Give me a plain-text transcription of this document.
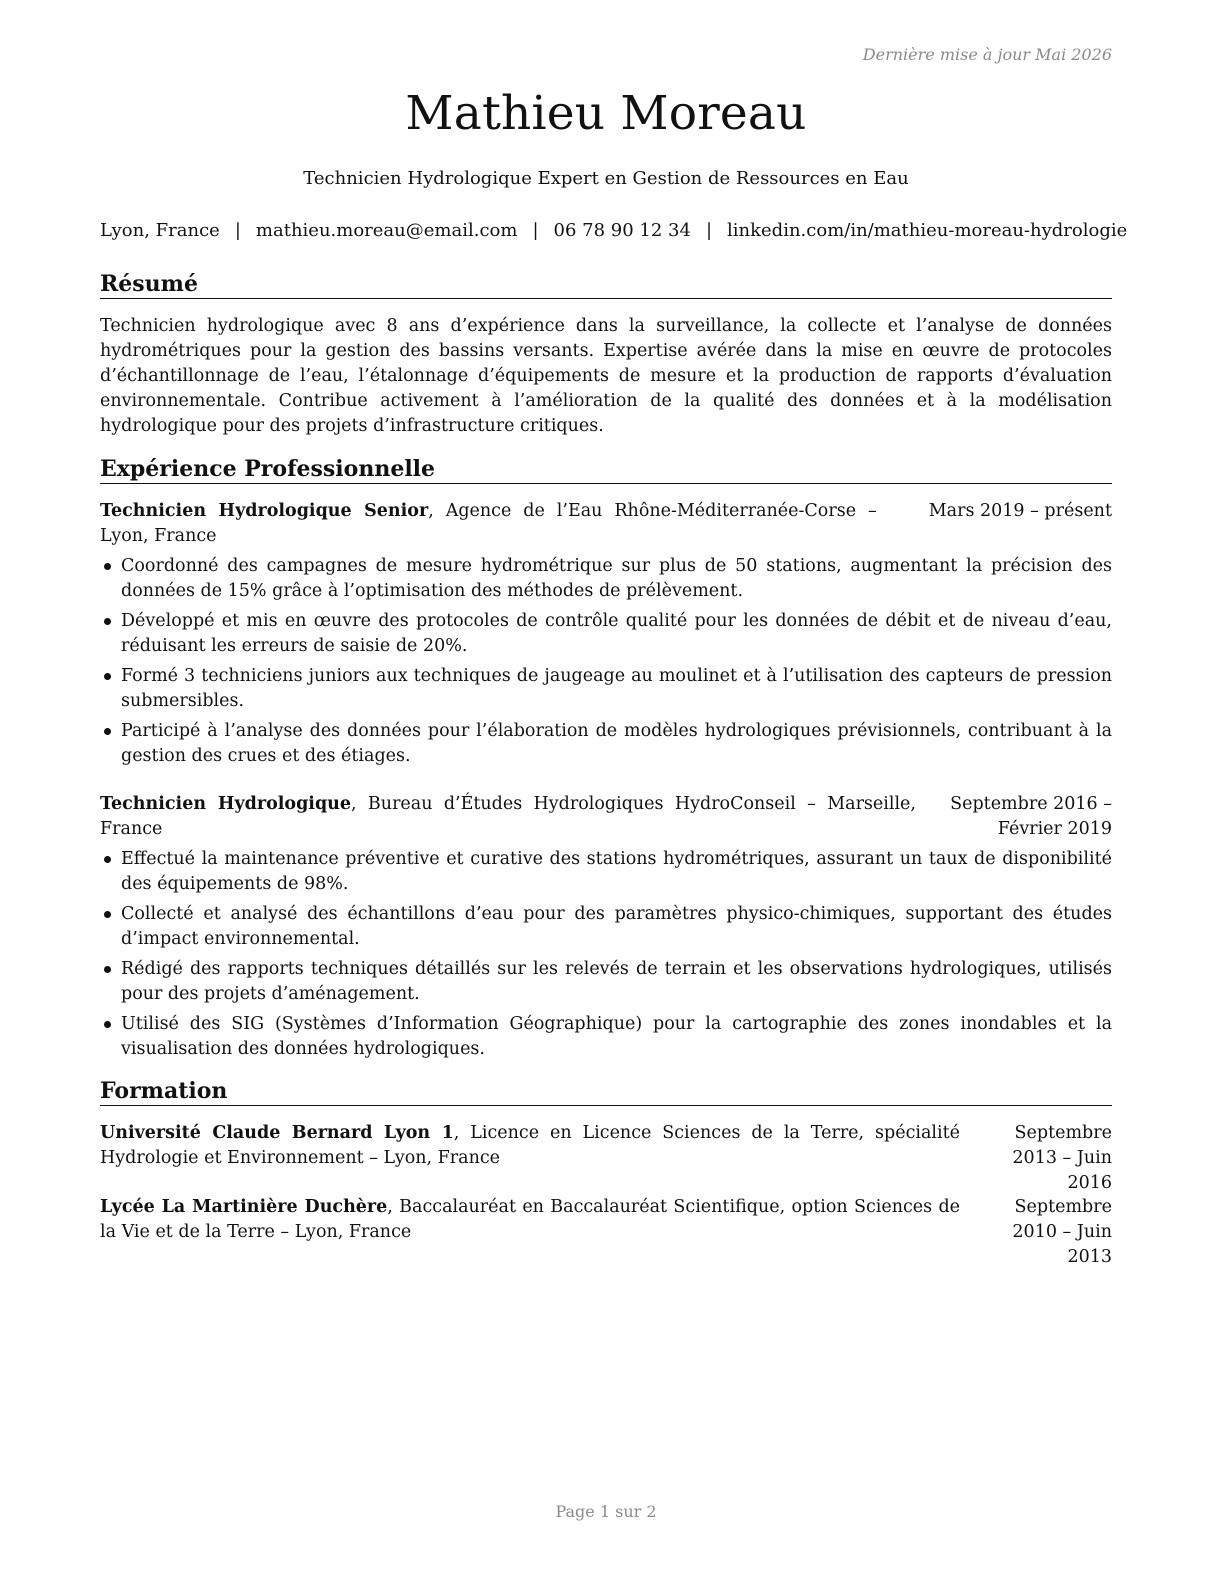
Dernière mise à jour Mai 2026
Mathieu Moreau
Technicien Hydrologique Expert en Gestion de Ressources en Eau
Lyon, France | mathieu.moreau@email.com | 06 78 90 12 34 | linkedin.com/in/mathieu-moreau-hydrologie
Résumé
Technicien hydrologique avec 8 ans d’expérience dans la surveillance, la collecte et l’analyse de données hydrométriques pour la gestion des bassins versants. Expertise avérée dans la mise en œuvre de protocoles d’échantillonnage de l’eau, l’étalonnage d’équipements de mesure et la production de rapports d’évaluation environnementale. Contribue activement à l’amélioration de la qualité des données et à la modélisation hydrologique pour des projets d’infrastructure critiques.
Expérience Professionnelle
Technicien Hydrologique Senior, Agence de l’Eau Rhône-Méditerranée-Corse – Lyon, France
Mars 2019 – présent
Coordonné des campagnes de mesure hydrométrique sur plus de 50 stations, augmentant la précision des données de 15% grâce à l’optimisation des méthodes de prélèvement.
Développé et mis en œuvre des protocoles de contrôle qualité pour les données de débit et de niveau d’eau, réduisant les erreurs de saisie de 20%.
Formé 3 techniciens juniors aux techniques de jaugeage au moulinet et à l’utilisation des capteurs de pression submersibles.
Participé à l’analyse des données pour l’élaboration de modèles hydrologiques prévisionnels, contribuant à la gestion des crues et des étiages.
Technicien Hydrologique, Bureau d’Études Hydrologiques HydroConseil – Marseille, France
Septembre 2016 – Février 2019
Effectué la maintenance préventive et curative des stations hydrométriques, assurant un taux de disponibilité des équipements de 98%.
Collecté et analysé des échantillons d’eau pour des paramètres physico-chimiques, supportant des études d’impact environnemental.
Rédigé des rapports techniques détaillés sur les relevés de terrain et les observations hydrologiques, utilisés pour des projets d’aménagement.
Utilisé des SIG (Systèmes d’Information Géographique) pour la cartographie des zones inondables et la visualisation des données hydrologiques.
Formation
Université Claude Bernard Lyon 1, Licence en Licence Sciences de la Terre, spécialité Hydrologie et Environnement – Lyon, France
Septembre 2013 – Juin 2016
Lycée La Martinière Duchère, Baccalauréat en Baccalauréat Scientifique, option Sciences de la Vie et de la Terre – Lyon, France
Septembre 2010 – Juin 2013
Page 1 sur 2
